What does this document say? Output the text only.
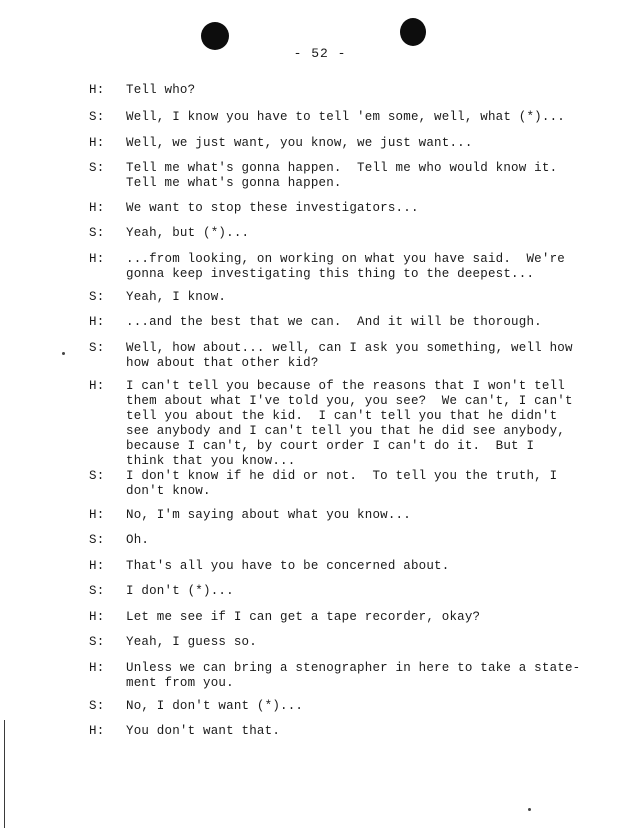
- 52 -
H:	Tell who?
S:	Well, I know you have to tell 'em some, well, what (*)...
H:	Well, we just want, you know, we just want...
S:	Tell me what's gonna happen.  Tell me who would know it.
Tell me what's gonna happen.
H:	We want to stop these investigators...
S:	Yeah, but (*)...
H:	...from looking, on working on what you have said.  We're
gonna keep investigating this thing to the deepest...
S:	Yeah, I know.
H:	...and the best that we can.  And it will be thorough.
S:	Well, how about... well, can I ask you something, well how
how about that other kid?
H:	I can't tell you because of the reasons that I won't tell
them about what I've told you, you see?  We can't, I can't
tell you about the kid.  I can't tell you that he didn't
see anybody and I can't tell you that he did see anybody,
because I can't, by court order I can't do it.  But I
think that you know...
S:	I don't know if he did or not.  To tell you the truth, I
don't know.
H:	No, I'm saying about what you know...
S:	Oh.
H:	That's all you have to be concerned about.
S:	I don't (*)...
H:	Let me see if I can get a tape recorder, okay?
S:	Yeah, I guess so.
H:	Unless we can bring a stenographer in here to take a state-
ment from you.
S:	No, I don't want (*)...
H:	You don't want that.
